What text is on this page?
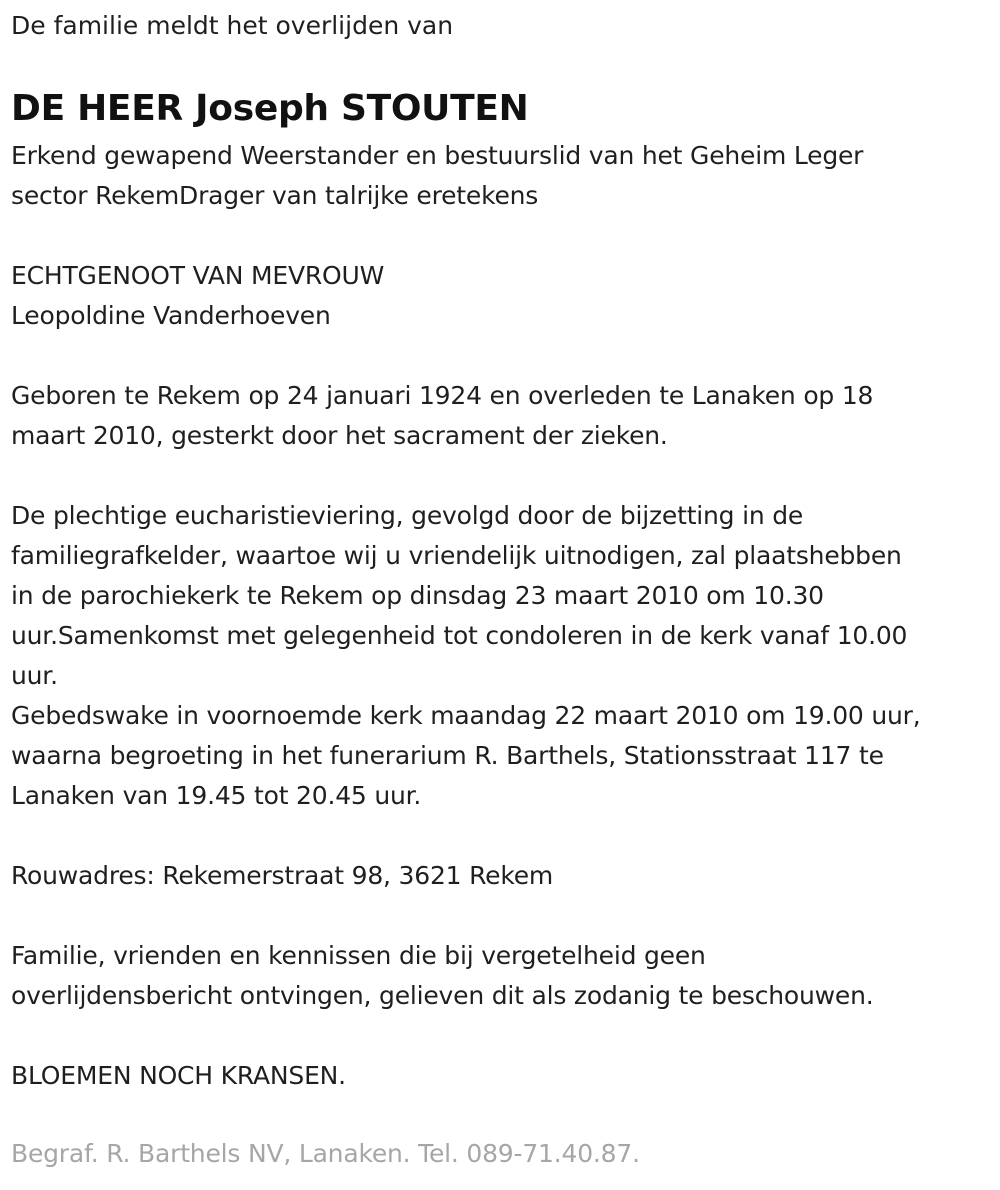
De familie meldt het overlijden van
DE HEER Joseph STOUTEN
Erkend gewapend Weerstander en bestuurslid van het Geheim Leger
sector RekemDrager van talrijke eretekens
ECHTGENOOT VAN MEVROUW
Leopoldine Vanderhoeven
Geboren te Rekem op 24 januari 1924 en overleden te Lanaken op 18
maart 2010, gesterkt door het sacrament der zieken.
De plechtige eucharistieviering, gevolgd door de bijzetting in de
familiegrafkelder, waartoe wij u vriendelijk uitnodigen, zal plaatshebben
in de parochiekerk te Rekem op dinsdag 23 maart 2010 om 10.30
uur.Samenkomst met gelegenheid tot condoleren in de kerk vanaf 10.00
uur.
Gebedswake in voornoemde kerk maandag 22 maart 2010 om 19.00 uur,
waarna begroeting in het funerarium R. Barthels, Stationsstraat 117 te
Lanaken van 19.45 tot 20.45 uur.
Rouwadres: Rekemerstraat 98, 3621 Rekem
Familie, vrienden en kennissen die bij vergetelheid geen
overlijdensbericht ontvingen, gelieven dit als zodanig te beschouwen.
BLOEMEN NOCH KRANSEN.
Begraf. R. Barthels NV, Lanaken. Tel. 089-71.40.87.
